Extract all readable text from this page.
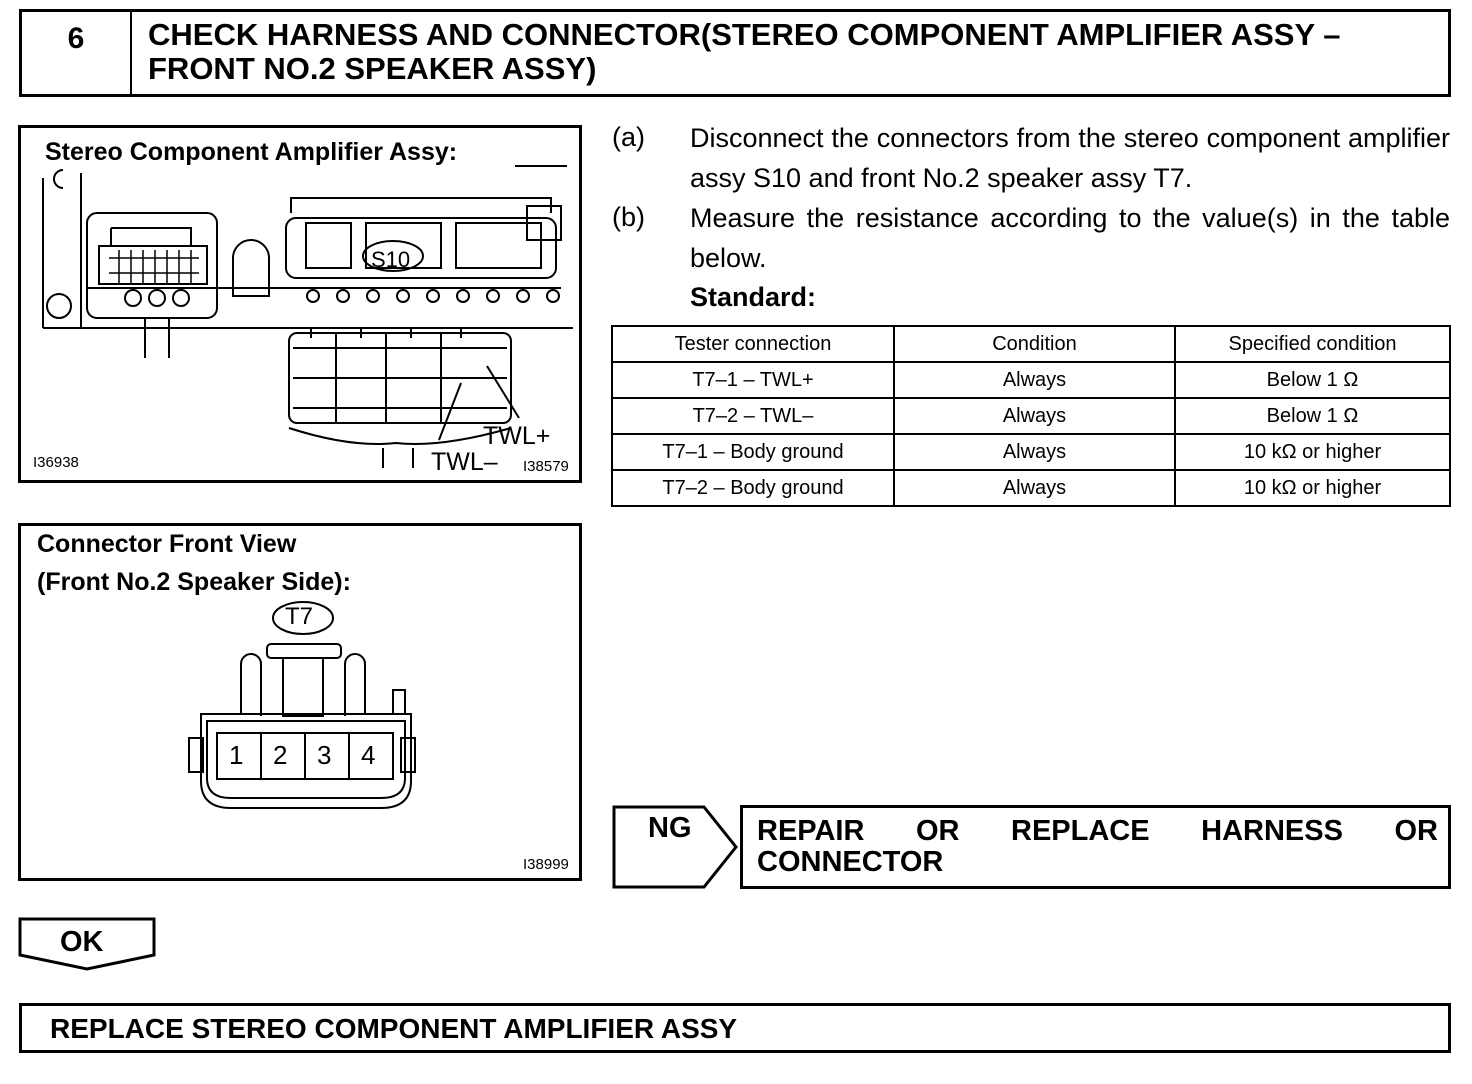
6	CHECK HARNESS AND CONNECTOR(STEREO COMPONENT AMPLIFIER ASSY – FRONT NO.2 SPEAKER ASSY)
Stereo Component Amplifier Assy:
S10
TWL+
TWL–
I36938	I38579
Connector Front View
(Front No.2 Speaker Side):
T7
1 2 3 4
I38999
(a) Disconnect the connectors from the stereo component amplifier assy S10 and front No.2 speaker assy T7.
(b) Measure the resistance according to the value(s) in the table below.
Standard:
Tester connection	Condition	Specified condition
T7–1 – TWL+	Always	Below 1 Ω
T7–2 – TWL–	Always	Below 1 Ω
T7–1 – Body ground	Always	10 kΩ or higher
T7–2 – Body ground	Always	10 kΩ or higher
NG REPAIR OR REPLACE HARNESS OR
CONNECTOR
OK
REPLACE STEREO COMPONENT AMPLIFIER ASSY
